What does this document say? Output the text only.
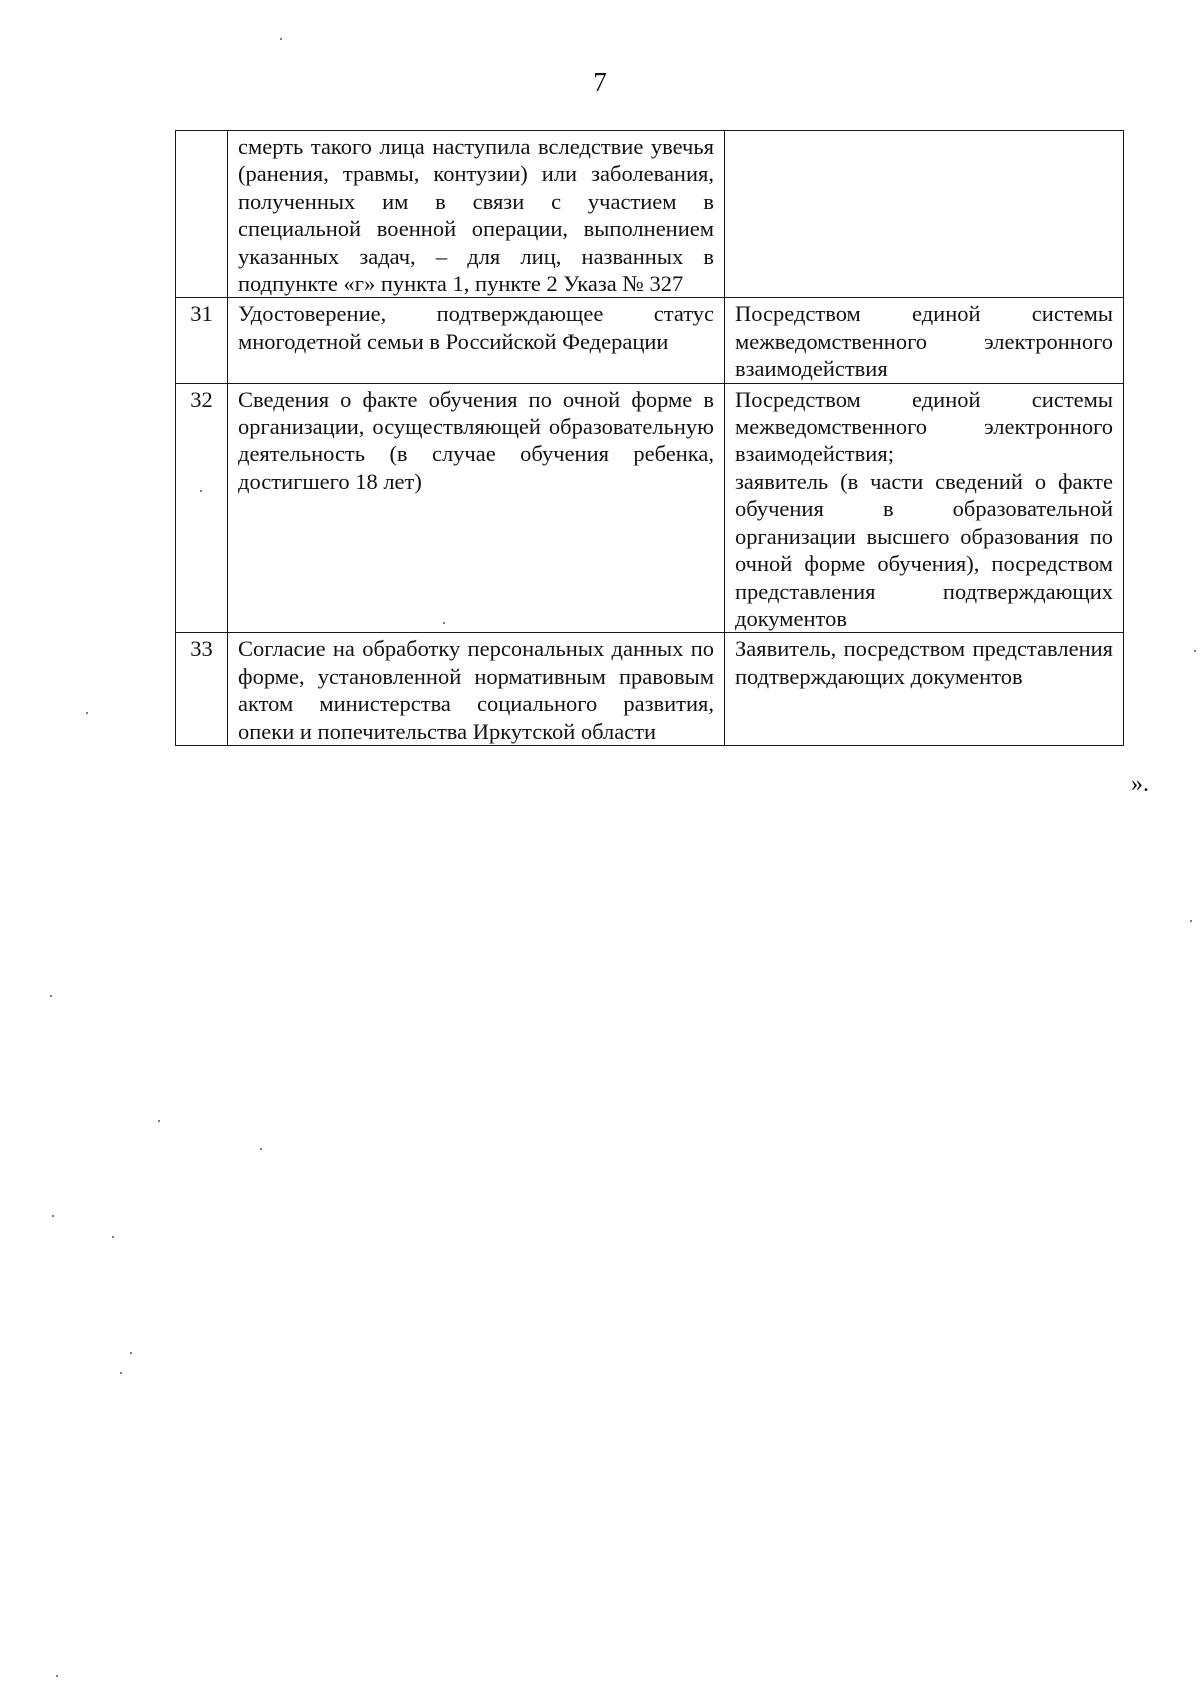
7
	смерть такого лица наступила вследствие увечья (ранения, травмы, контузии) или заболевания, полученных им в связи с участием в специальной военной операции, выполнением указанных задач, – для лиц, названных в подпункте «г» пункта 1, пункте 2 Указа № 327	
31	Удостоверение, подтверждающее статус многодетной семьи в Российской Федерации	Посредством единой системы межведомственного электронного взаимодействия
32	Сведения о факте обучения по очной форме в организации, осуществляющей образовательную деятельность (в случае обучения ребенка, достигшего 18 лет)	Посредством единой системы межведомственного электронного взаимодействия;
заявитель (в части сведений о факте обучения в образовательной организации высшего образования по очной форме обучения), посредством представления подтверждающих документов

33	Согласие на обработку персональных данных по форме, установленной нормативным правовым актом министерства социального развития, опеки и попечительства Иркутской области	Заявитель, посредством представления подтверждающих документов
».
